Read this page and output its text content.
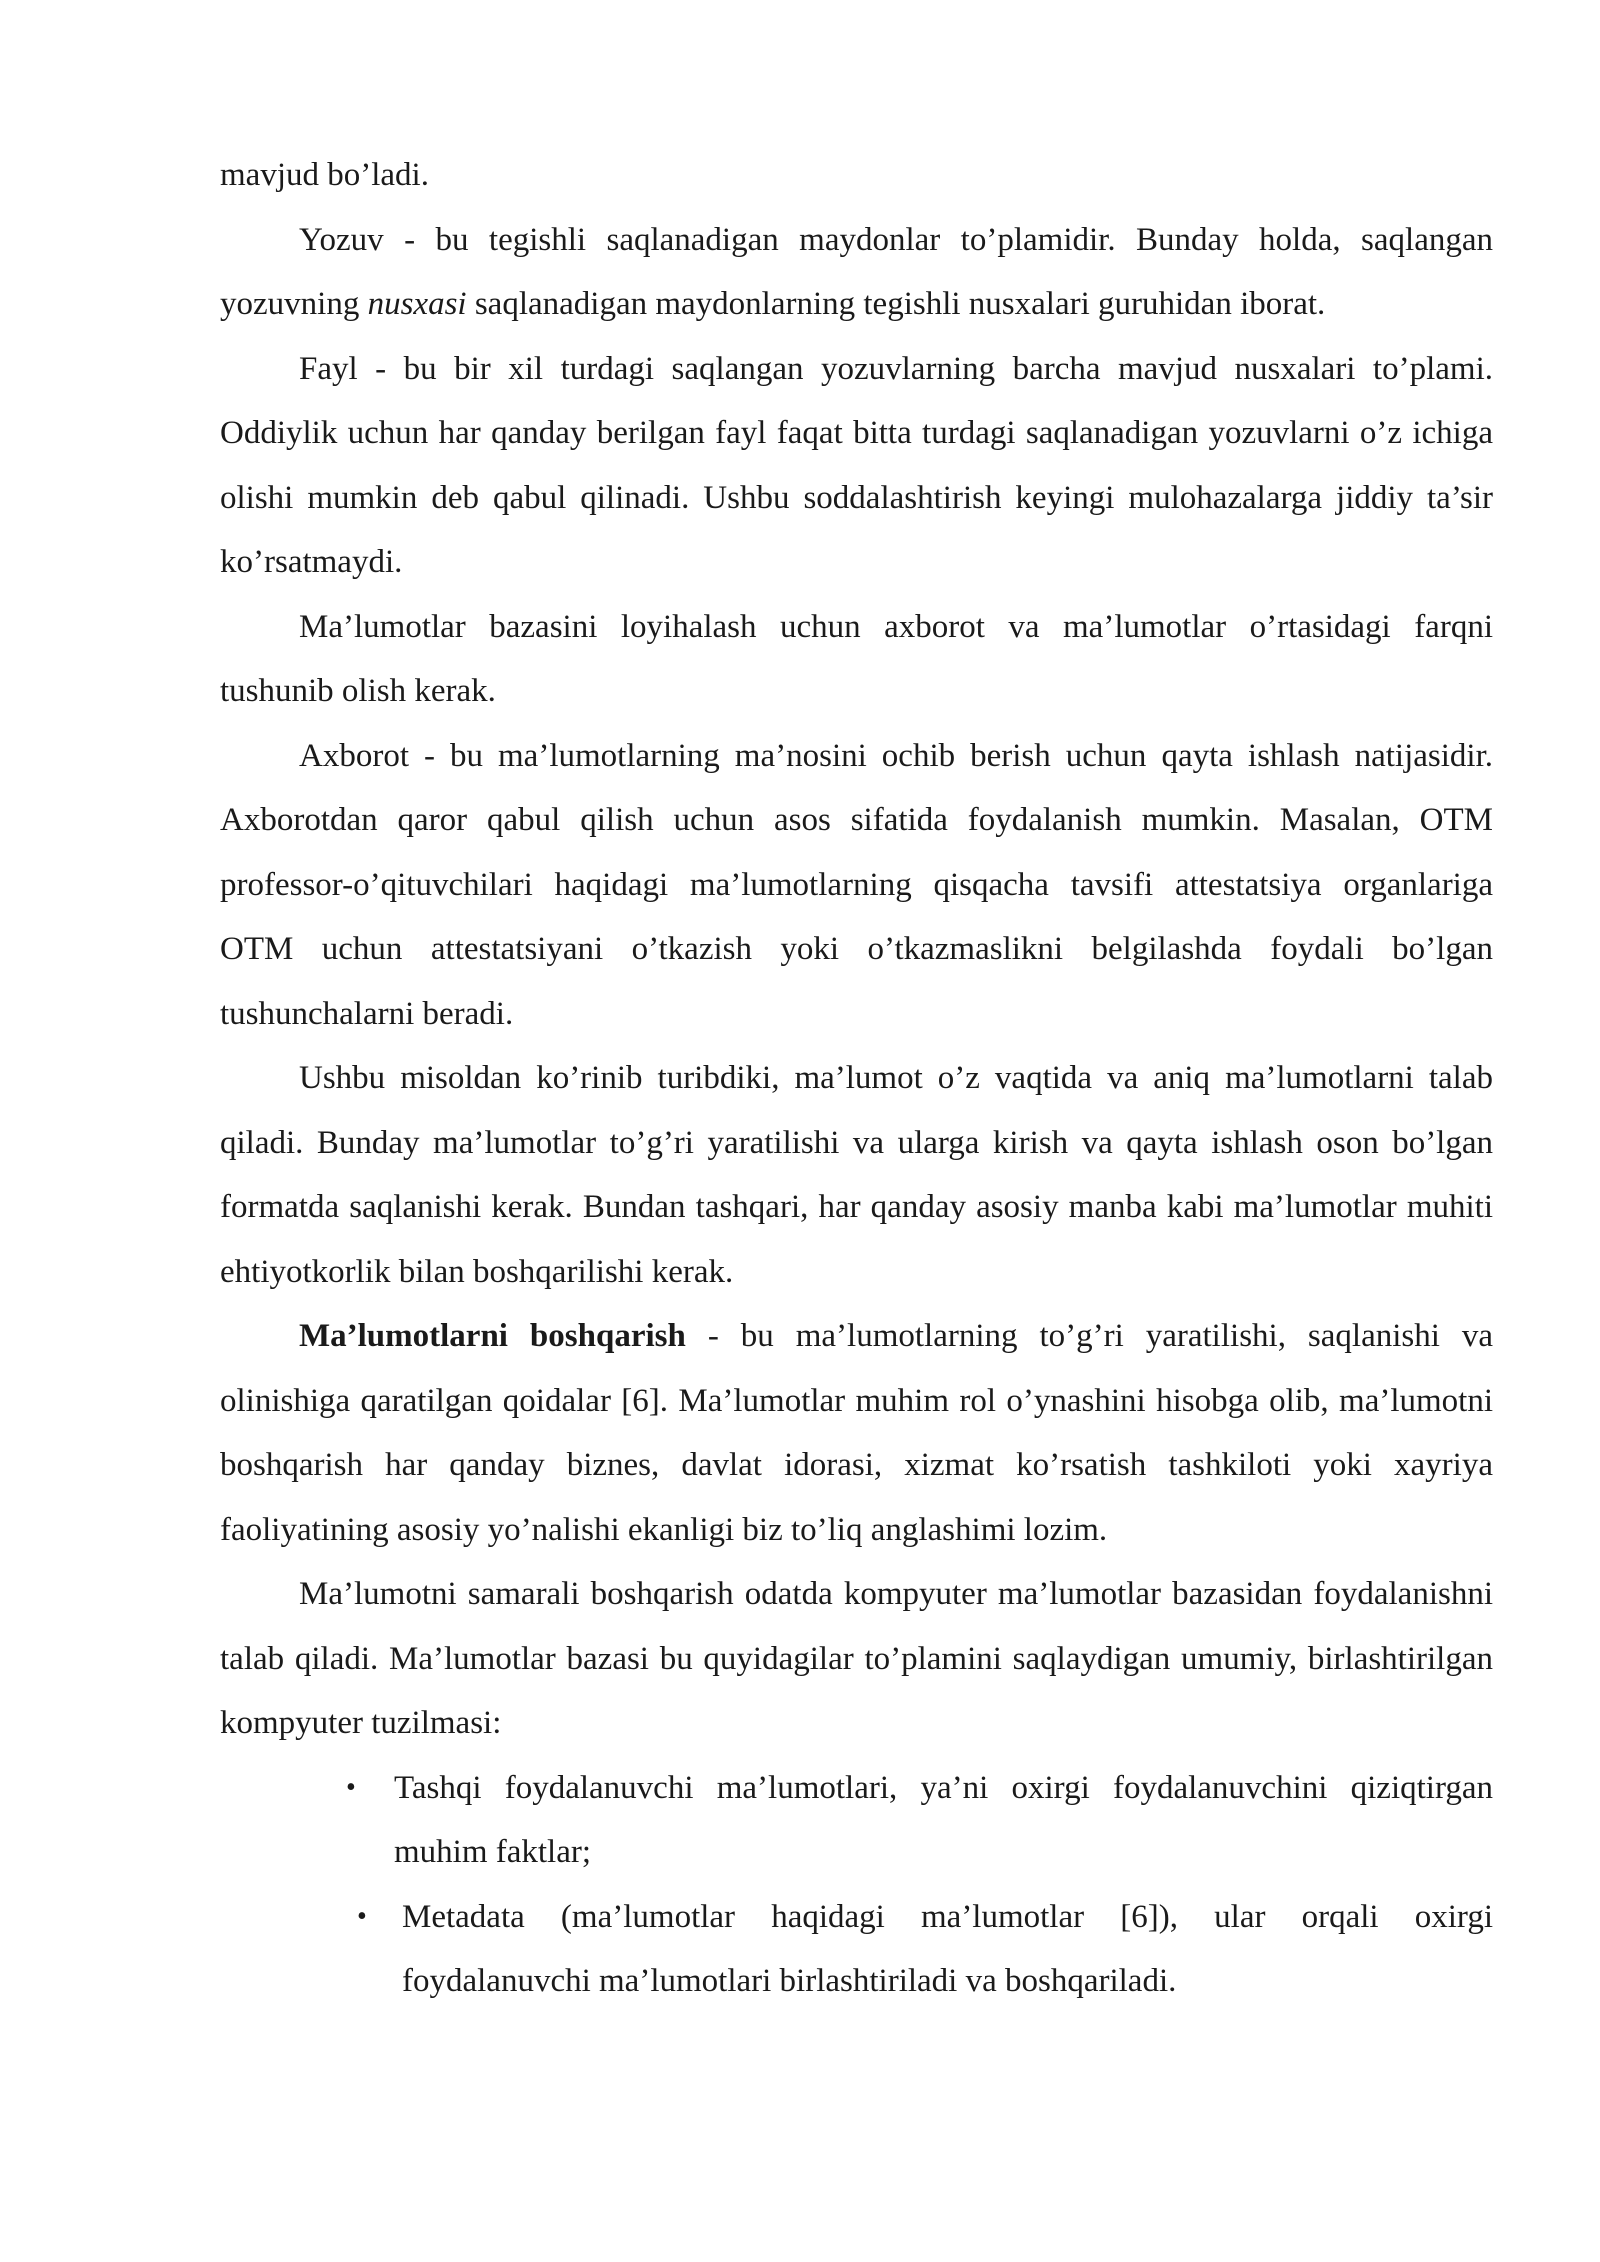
mavjud bo’ladi.

Yozuv - bu tegishli saqlanadigan maydonlar to’plamidir. Bunday holda, saqlangan yozuvning nusxasi saqlanadigan maydonlarning tegishli nusxalari guruhidan iborat.

Fayl - bu bir xil turdagi saqlangan yozuvlarning barcha mavjud nusxalari to’plami. Oddiylik uchun har qanday berilgan fayl faqat bitta turdagi saqlanadigan yozuvlarni o’z ichiga olishi mumkin deb qabul qilinadi. Ushbu soddalashtirish keyingi mulohazalarga jiddiy ta’sir ko’rsatmaydi.

Ma’lumotlar bazasini loyihalash uchun axborot va ma’lumotlar o’rtasidagi farqni tushunib olish kerak.

Axborot - bu ma’lumotlarning ma’nosini ochib berish uchun qayta ishlash natijasidir. Axborotdan qaror qabul qilish uchun asos sifatida foydalanish mumkin. Masalan, OTM professor-o’qituvchilari haqidagi ma’lumotlarning qisqacha tavsifi attestatsiya organlariga OTM uchun attestatsiyani o’tkazish yoki o’tkazmaslikni belgilashda foydali bo’lgan tushunchalarni beradi.

Ushbu misoldan ko’rinib turibdiki, ma’lumot o’z vaqtida va aniq ma’lumotlarni talab qiladi. Bunday ma’lumotlar to’g’ri yaratilishi va ularga kirish va qayta ishlash oson bo’lgan formatda saqlanishi kerak. Bundan tashqari, har qanday asosiy manba kabi ma’lumotlar muhiti ehtiyotkorlik bilan boshqarilishi kerak.

Ma’lumotlarni boshqarish - bu ma’lumotlarning to’g’ri yaratilishi, saqlanishi va olinishiga qaratilgan qoidalar [6]. Ma’lumotlar muhim rol o’ynashini hisobga olib, ma’lumotni boshqarish har qanday biznes, davlat idorasi, xizmat ko’rsatish tashkiloti yoki xayriya faoliyatining asosiy yo’nalishi ekanligi biz to’liq anglashimi lozim.

Ma’lumotni samarali boshqarish odatda kompyuter ma’lumotlar bazasidan foydalanishni talab qiladi. Ma’lumotlar bazasi bu quyidagilar to’plamini saqlaydigan umumiy, birlashtirilgan kompyuter tuzilmasi:

• Tashqi foydalanuvchi ma’lumotlari, ya’ni oxirgi foydalanuvchini qiziqtirgan muhim faktlar;
• Metadata (ma’lumotlar haqidagi ma’lumotlar [6]), ular orqali oxirgi foydalanuvchi ma’lumotlari birlashtiriladi va boshqariladi.
